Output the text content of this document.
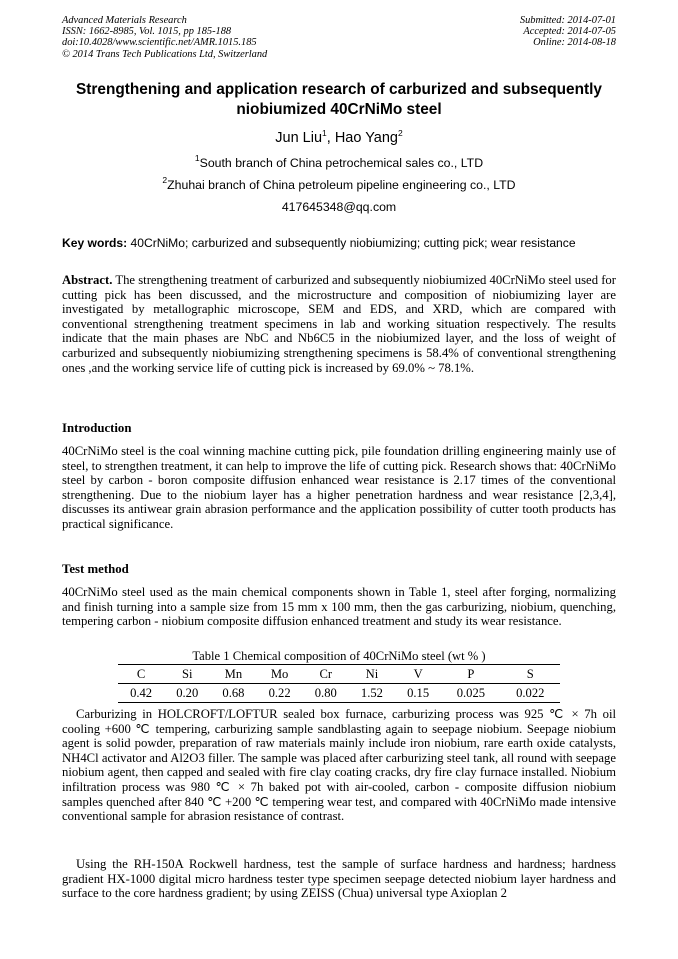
Advanced Materials Research
ISSN: 1662-8985, Vol. 1015, pp 185-188
doi:10.4028/www.scientific.net/AMR.1015.185
© 2014 Trans Tech Publications Ltd, Switzerland
Submitted: 2014-07-01
Accepted: 2014-07-05
Online: 2014-08-18
Strengthening and application research of carburized and subsequently
niobiumized 40CrNiMo steel
Jun Liu$^1$, Hao Yang$^2$
$^1$South branch of China petrochemical sales co., LTD
$^2$Zhuhai branch of China petroleum pipeline engineering co., LTD
417645348@qq.com
Key words: 40CrNiMo; carburized and subsequently niobiumizing; cutting pick; wear resistance
Abstract. The strengthening treatment of carburized and subsequently niobiumized 40CrNiMo steel used for cutting pick has been discussed, and the microstructure and composition of niobiumizing layer are investigated by metallographic microscope, SEM and EDS, and XRD, which are compared with conventional strengthening treatment specimens in lab and working situation respectively. The results indicate that the main phases are NbC and Nb6C5 in the niobiumized layer, and the loss of weight of carburized and subsequently niobiumizing strengthening specimens is 58.4% of conventional strengthening ones ,and the working service life of cutting pick is increased by 69.0% ~ 78.1%.
Introduction
40CrNiMo steel is the coal winning machine cutting pick, pile foundation drilling engineering mainly use of steel, to strengthen treatment, it can help to improve the life of cutting pick. Research shows that: 40CrNiMo steel by carbon - boron composite diffusion enhanced wear resistance is 2.17 times of the conventional strengthening. Due to the niobium layer has a higher penetration hardness and wear resistance [2,3,4], discusses its antiwear grain abrasion performance and the application possibility of cutter tooth products has practical significance.
Test method
40CrNiMo steel used as the main chemical components shown in Table 1, steel after forging, normalizing and finish turning into a sample size from 15 mm x 100 mm, then the gas carburizing, niobium, quenching, tempering carbon - niobium composite diffusion enhanced treatment and study its wear resistance.
Table 1 Chemical composition of 40CrNiMo steel (wt % )
C	Si	Mn	Mo	Cr	Ni	V	P	S
0.42	0.20	0.68	0.22	0.80	1.52	0.15	0.025	0.022
Carburizing in HOLCROFT/LOFTUR sealed box furnace, carburizing process was 925 ℃ × 7h oil cooling +600 ℃ tempering, carburizing sample sandblasting again to seepage niobium. Seepage niobium agent is solid powder, preparation of raw materials mainly include iron niobium, rare earth oxide catalysts, NH4Cl activator and Al2O3 filler. The sample was placed after carburizing steel tank, all round with seepage niobium agent, then capped and sealed with fire clay coating cracks, dry fire clay furnace installed. Niobium infiltration process was 980 ℃ × 7h baked pot with air-cooled, carbon - composite diffusion niobium samples quenched after 840 ℃ +200 ℃ tempering wear test, and compared with 40CrNiMo made intensive conventional sample for abrasion resistance of contrast.
Using the RH-150A Rockwell hardness, test the sample of surface hardness and hardness; hardness gradient HX-1000 digital micro hardness tester type specimen seepage detected niobium layer hardness and surface to the core hardness gradient; by using ZEISS (Chua) universal type Axioplan 2
